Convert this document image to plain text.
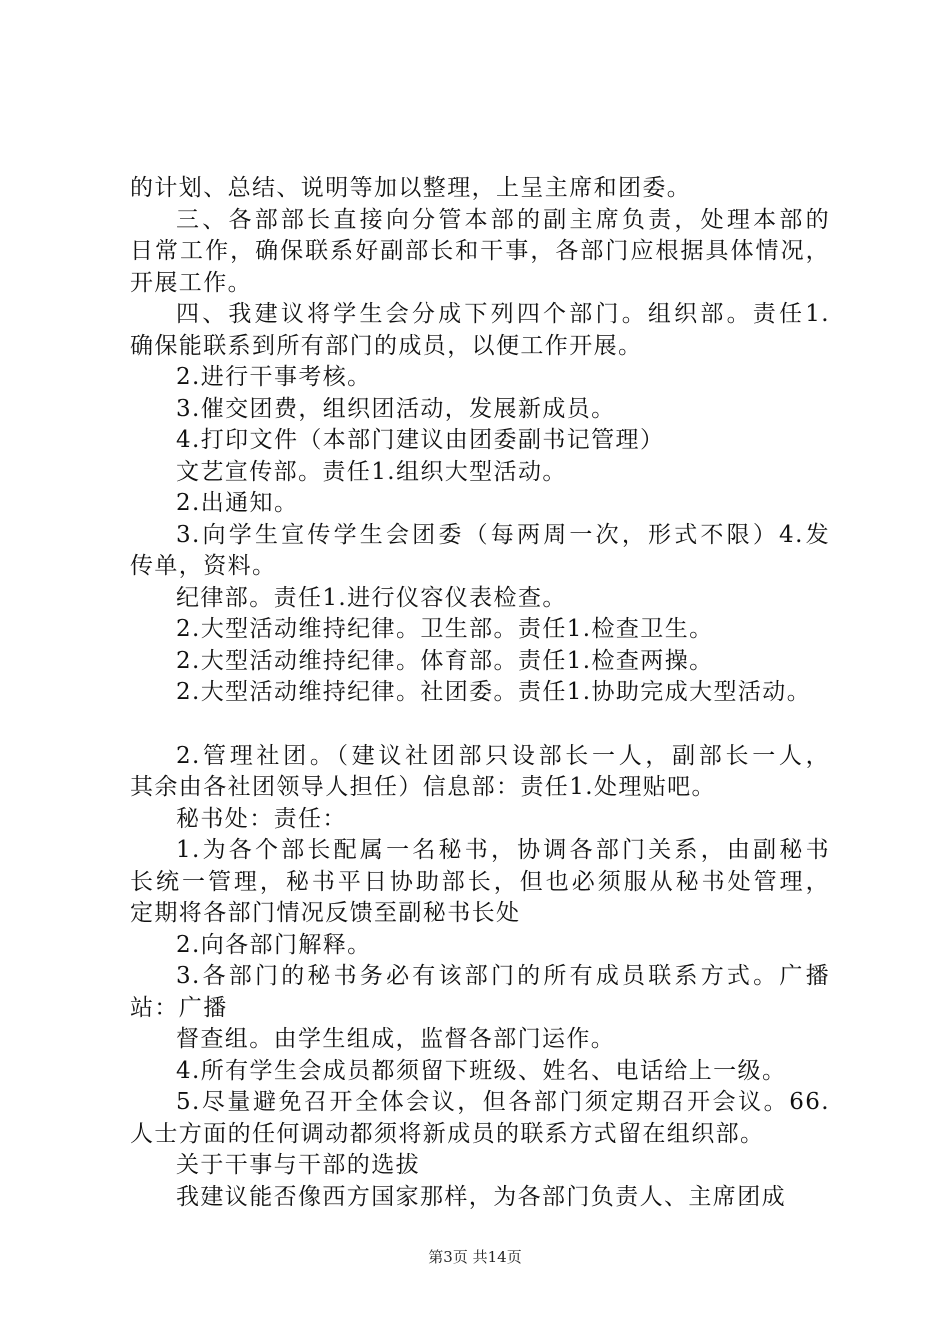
的计划、总结、说明等加以整理，上呈主席和团委。
三、各部部长直接向分管本部的副主席负责，处理本部的
日常工作，确保联系好副部长和干事，各部门应根据具体情况，
开展工作。
四、我建议将学生会分成下列四个部门。组织部。责任1.
确保能联系到所有部门的成员，以便工作开展。
2.进行干事考核。
3.催交团费，组织团活动，发展新成员。
4.打印文件（本部门建议由团委副书记管理）
文艺宣传部。责任1.组织大型活动。
2.出通知。
3.向学生宣传学生会团委（每两周一次，形式不限）4.发
传单，资料。
纪律部。责任1.进行仪容仪表检查。
2.大型活动维持纪律。卫生部。责任1.检查卫生。
2.大型活动维持纪律。体育部。责任1.检查两操。
2.大型活动维持纪律。社团委。责任1.协助完成大型活动。
2.管理社团。（建议社团部只设部长一人，副部长一人，
其余由各社团领导人担任）信息部：责任1.处理贴吧。
秘书处：责任：
1.为各个部长配属一名秘书，协调各部门关系，由副秘书
长统一管理，秘书平日协助部长，但也必须服从秘书处管理，
定期将各部门情况反馈至副秘书长处
2.向各部门解释。
3.各部门的秘书务必有该部门的所有成员联系方式。广播
站：广播
督查组。由学生组成，监督各部门运作。
4.所有学生会成员都须留下班级、姓名、电话给上一级。
5.尽量避免召开全体会议，但各部门须定期召开会议。66.
人士方面的任何调动都须将新成员的联系方式留在组织部。
关于干事与干部的选拔
我建议能否像西方国家那样，为各部门负责人、主席团成
第3页 共14页
